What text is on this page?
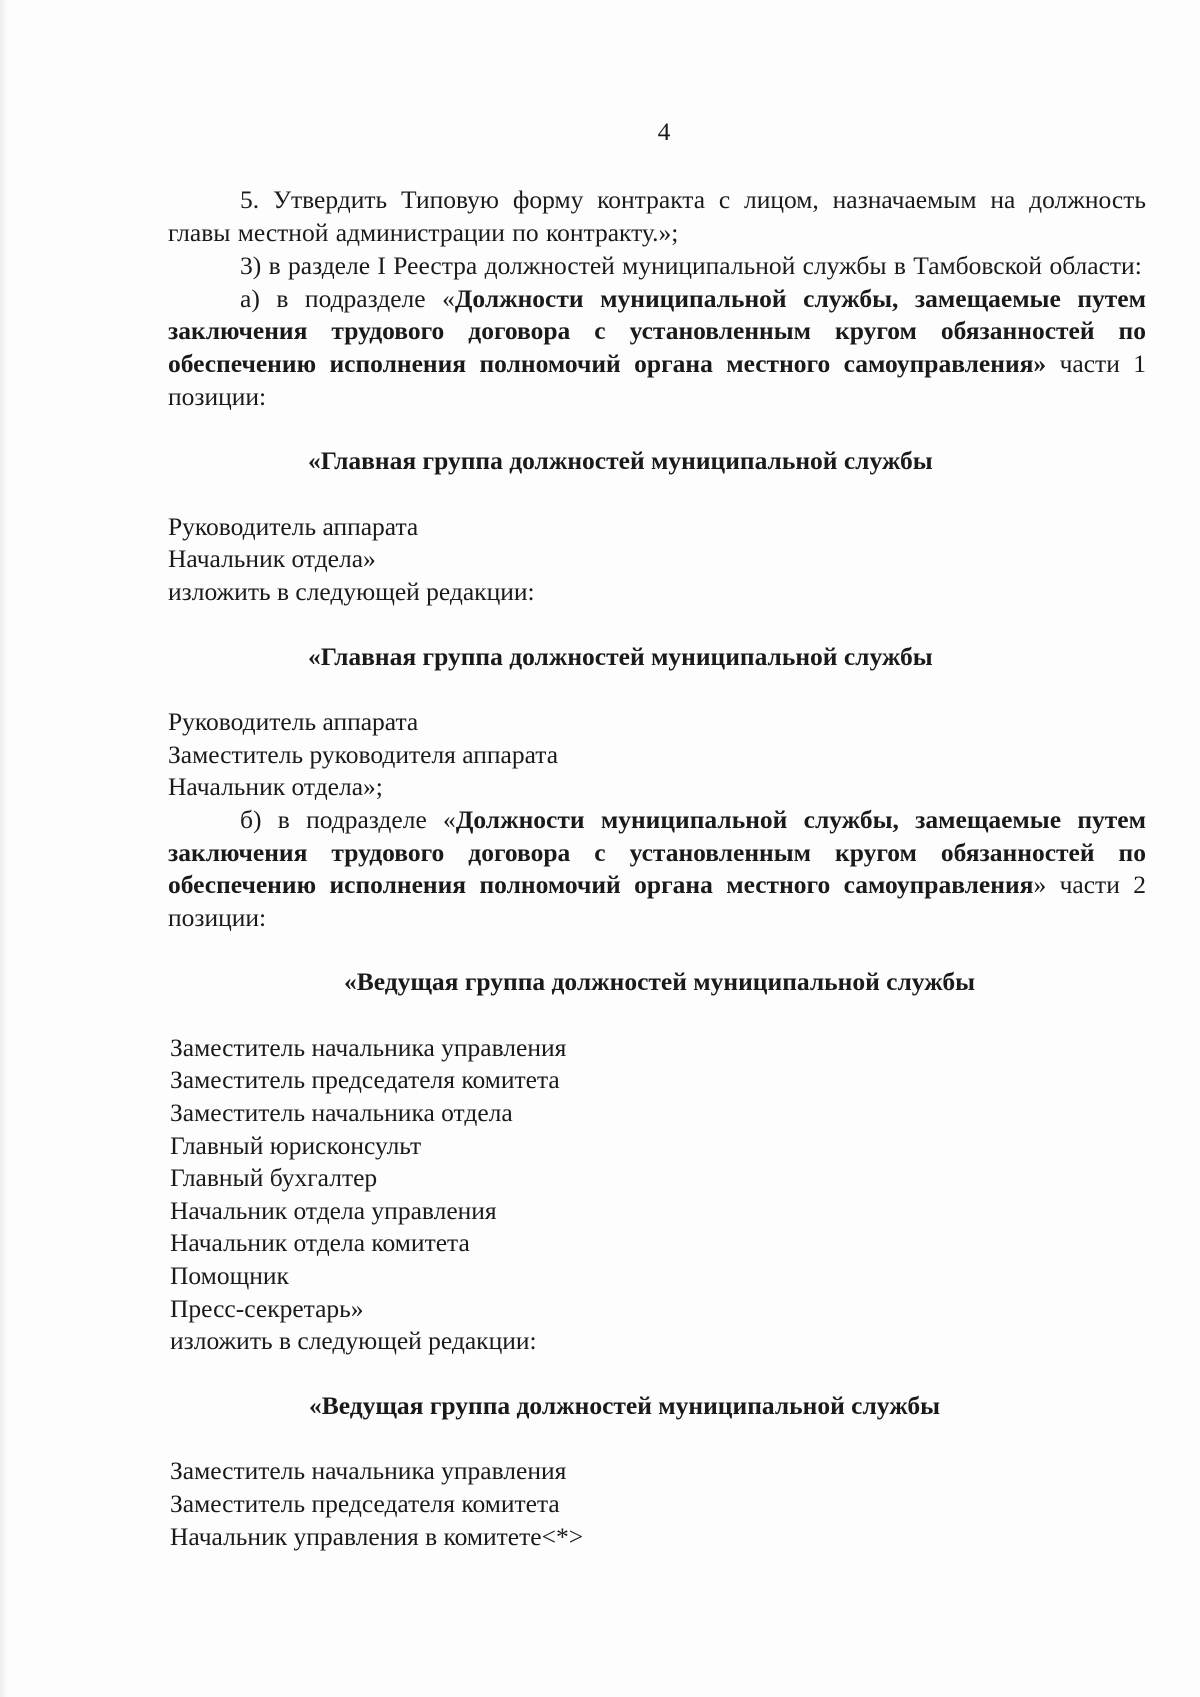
4

5. Утвердить Типовую форму контракта с лицом, назначаемым на должность главы местной администрации по контракту.»;

3) в разделе I Реестра должностей муниципальной службы в Тамбовской области:

а) в подразделе «Должности муниципальной службы, замещаемые путем заключения трудового договора с установленным кругом обязанностей по обеспечению исполнения полномочий органа местного самоуправления» части 1 позиции:

«Главная группа должностей муниципальной службы

Руководитель аппарата
Начальник отдела»
изложить в следующей редакции:

«Главная группа должностей муниципальной службы

Руководитель аппарата
Заместитель руководителя аппарата
Начальник отдела»;

б) в подразделе «Должности муниципальной службы, замещаемые путем заключения трудового договора с установленным кругом обязанностей по обеспечению исполнения полномочий органа местного самоуправления» части 2 позиции:

«Ведущая группа должностей муниципальной службы

Заместитель начальника управления
Заместитель председателя комитета
Заместитель начальника отдела
Главный юрисконсульт
Главный бухгалтер
Начальник отдела управления
Начальник отдела комитета
Помощник
Пресс-секретарь»
изложить в следующей редакции:

«Ведущая группа должностей муниципальной службы

Заместитель начальника управления
Заместитель председателя комитета
Начальник управления в комитете<*>
